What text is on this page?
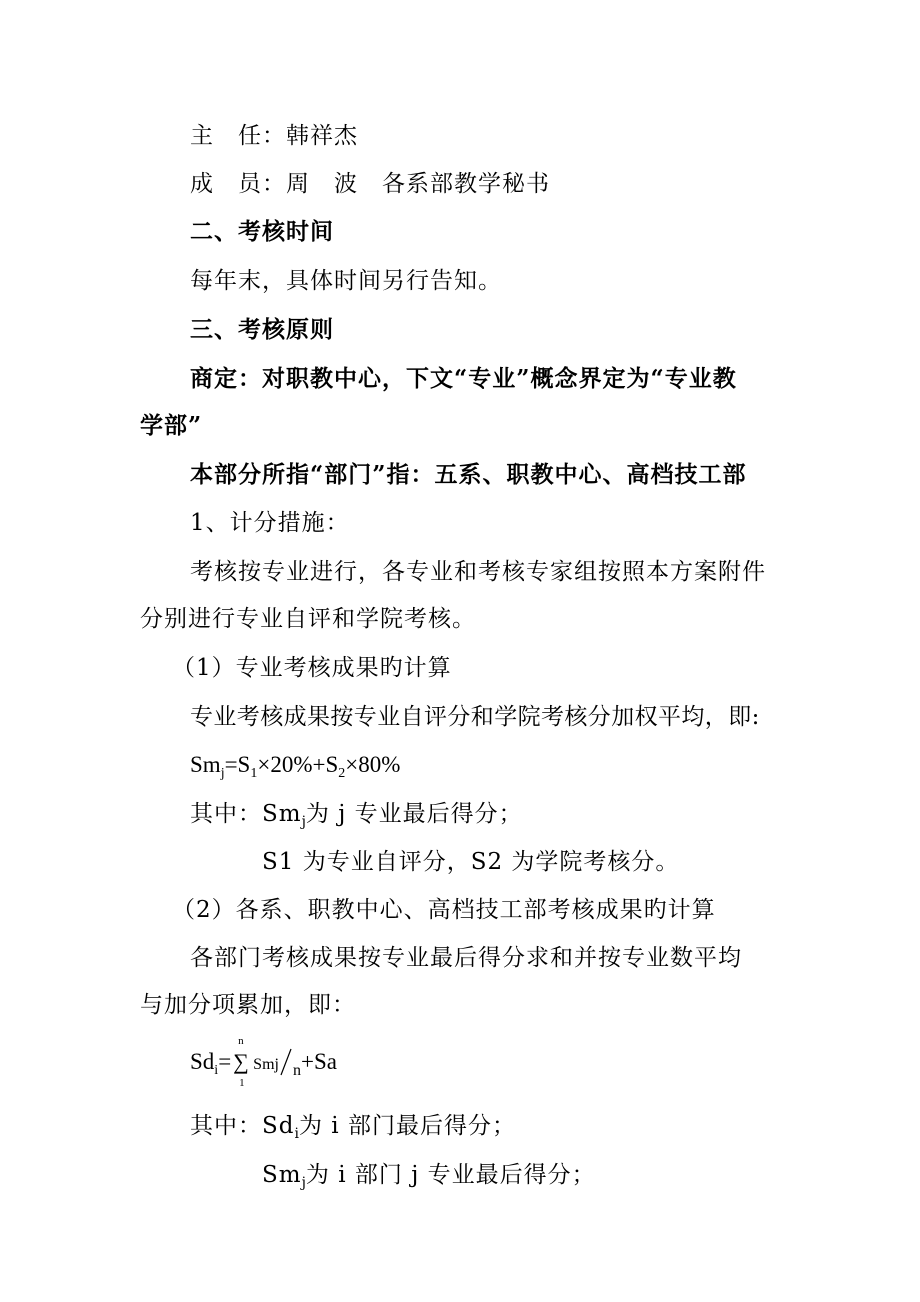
主　任：韩祥杰
成　员：周　波　各系部教学秘书
二、考核时间
每年末，具体时间另行告知。
三、考核原则
商定：对职教中心，下文“专业”概念界定为“专业教
学部”
本部分所指“部门”指：五系、职教中心、高档技工部
1、计分措施：
考核按专业进行，各专业和考核专家组按照本方案附件
分别进行专业自评和学院考核。
（1）专业考核成果旳计算
专业考核成果按专业自评分和学院考核分加权平均，即:
$Sm_j=S_1\times 20\%+S_2\times 80\%$
其中：$Sm_j$为 j 专业最后得分；
S1 为专业自评分，S2 为学院考核分。
（2）各系、职教中心、高档技工部考核成果旳计算
各部门考核成果按专业最后得分求和并按专业数平均
与加分项累加，即：
$Sd_i=$
n
∑
1
Smj $_n$+Sa
其中：$Sd_i$为 i 部门最后得分；
$Sm_j$为 i 部门 j 专业最后得分；
